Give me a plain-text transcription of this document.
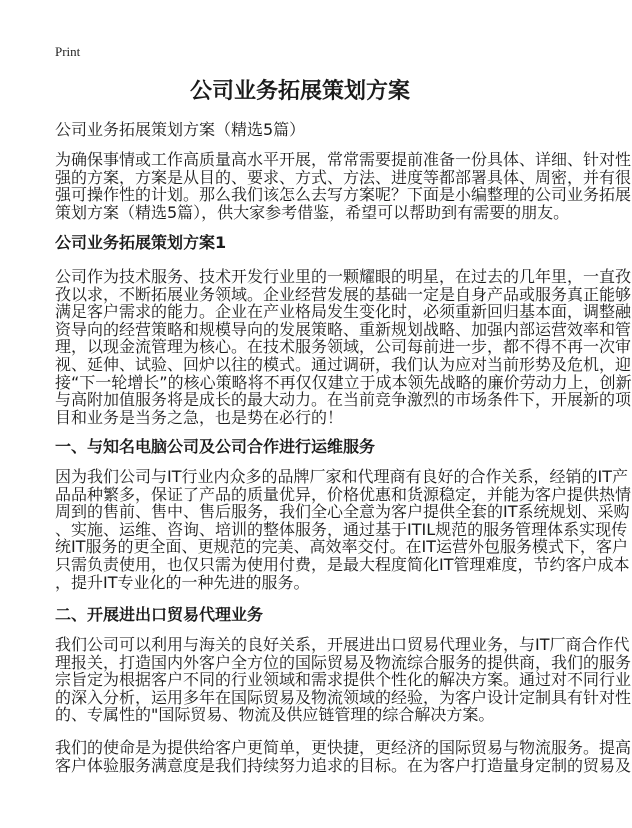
Print
公司业务拓展策划方案
公司业务拓展策划方案（精选5篇）
为确保事情或工作高质量高水平开展，常常需要提前准备一份具体、详细、针对性
强的方案，方案是从目的、要求、方式、方法、进度等都部署具体、周密，并有很
强可操作性的计划。那么我们该怎么去写方案呢？下面是小编整理的公司业务拓展
策划方案（精选5篇），供大家参考借鉴，希望可以帮助到有需要的朋友。
公司业务拓展策划方案1
公司作为技术服务、技术开发行业里的一颗耀眼的明星，在过去的几年里，一直孜
孜以求，不断拓展业务领域。企业经营发展的基础一定是自身产品或服务真正能够
满足客户需求的能力。企业在产业格局发生变化时，必须重新回归基本面，调整融
资导向的经营策略和规模导向的发展策略、重新规划战略、加强内部运营效率和管
理，以现金流管理为核心。在技术服务领域，公司每前进一步，都不得不再一次审
视、延伸、试验、回炉以往的模式。通过调研，我们认为应对当前形势及危机，迎
接“下一轮增长”的核心策略将不再仅仅建立于成本领先战略的廉价劳动力上，创新
与高附加值服务将是成长的最大动力。在当前竞争激烈的市场条件下，开展新的项
目和业务是当务之急，也是势在必行的！
一、与知名电脑公司及公司合作进行运维服务
因为我们公司与IT行业内众多的品牌厂家和代理商有良好的合作关系，经销的IT产
品品种繁多，保证了产品的质量优异，价格优惠和货源稳定，并能为客户提供热情
周到的售前、售中、售后服务，我们全心全意为客户提供全套的IT系统规划、采购
、实施、运维、咨询、培训的整体服务，通过基于ITIL规范的服务管理体系实现传
统IT服务的更全面、更规范的完美、高效率交付。在IT运营外包服务模式下，客户
只需负责使用，也仅只需为使用付费，是最大程度简化IT管理难度，节约客户成本
，提升IT专业化的一种先进的服务。
二、开展进出口贸易代理业务
我们公司可以利用与海关的良好关系，开展进出口贸易代理业务，与IT厂商合作代
理报关，打造国内外客户全方位的国际贸易及物流综合服务的提供商，我们的服务
宗旨定为根据客户不同的行业领域和需求提供个性化的解决方案。通过对不同行业
的深入分析，运用多年在国际贸易及物流领域的经验，为客户设计定制具有针对性
的、专属性的"国际贸易、物流及供应链管理的综合解决方案。
我们的使命是为提供给客户更简单，更快捷，更经济的国际贸易与物流服务。提高
客户体验服务满意度是我们持续努力追求的目标。在为客户打造量身定制的贸易及
